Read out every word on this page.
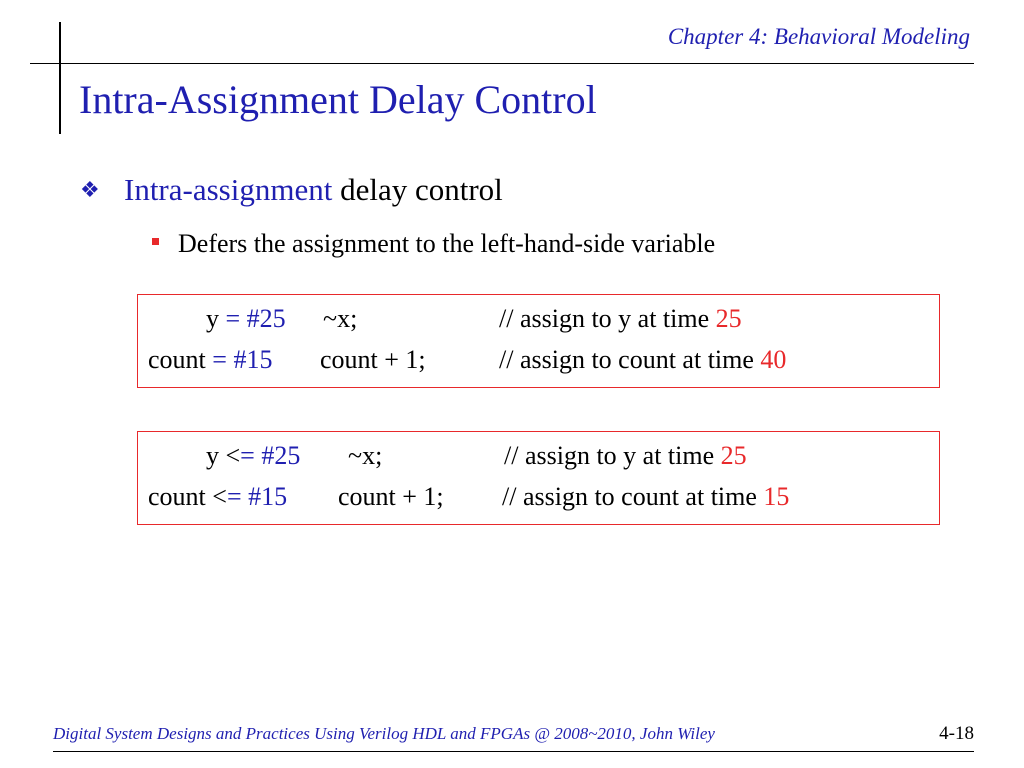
Chapter 4: Behavioral Modeling
Intra-Assignment Delay Control
❖ Intra-assignment delay control
Defers the assignment to the left-hand-side variable
y = #25 ~x;	// assign to y at time 25
count = #15 count + 1;	// assign to count at time 40
y <= #25 ~x;	// assign to y at time 25
count <= #15 count + 1; // assign to count at time 15
Digital System Designs and Practices Using Verilog HDL and FPGAs @ 2008~2010, John Wiley	4-18
